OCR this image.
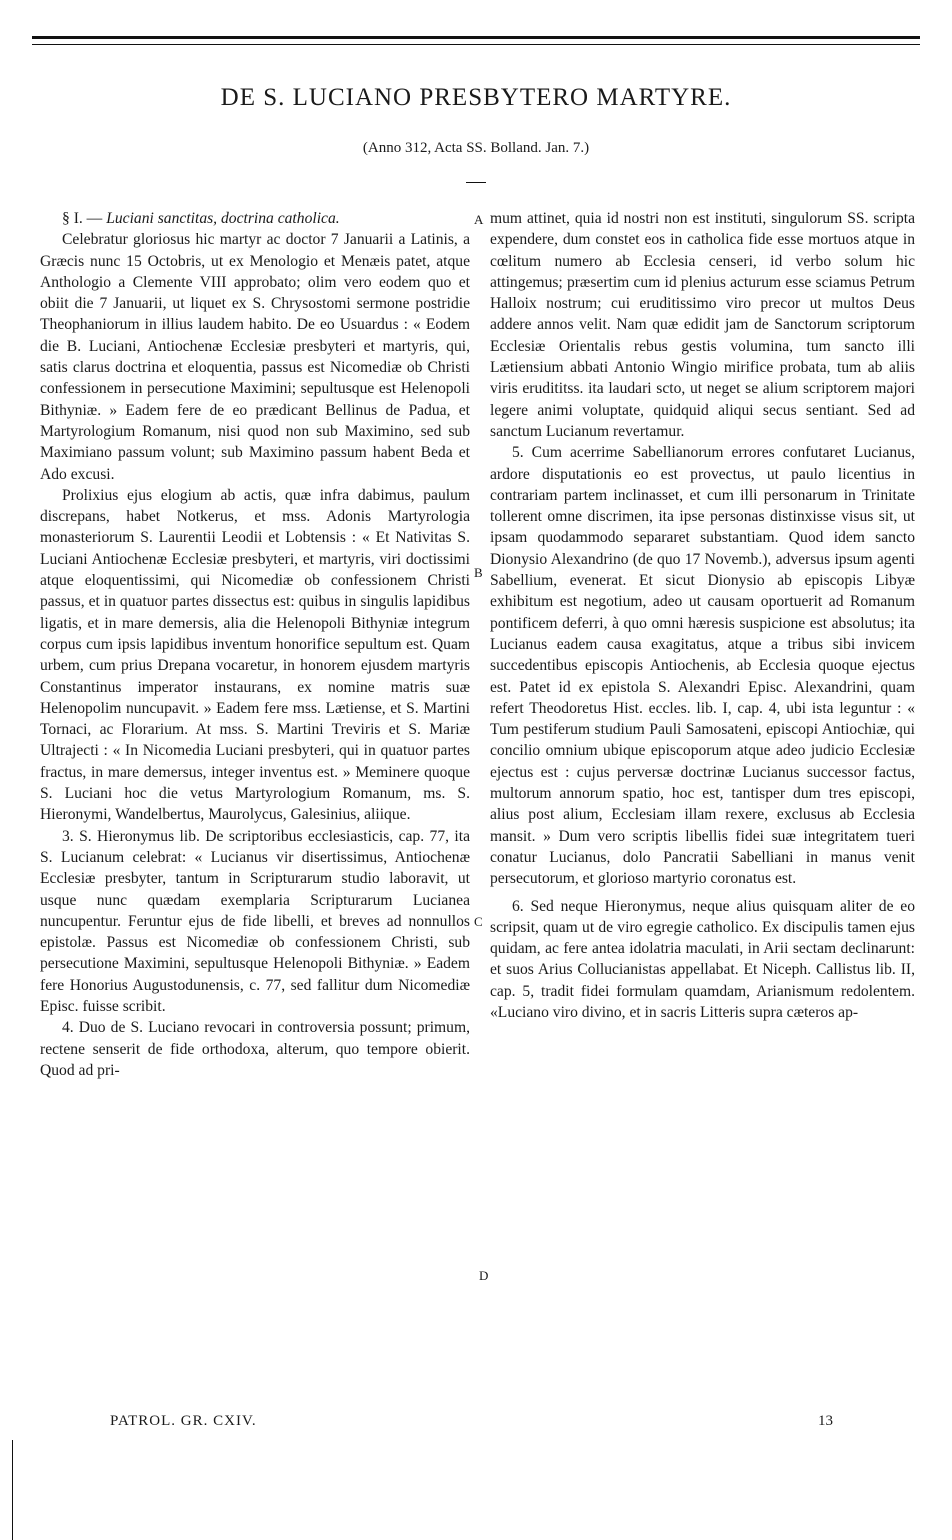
DE S. LUCIANO PRESBYTERO MARTYRE.
(Anno 312, Acta SS. Bolland. Jan. 7.)

§ I. — Luciani sanctitas, doctrina catholica.

Celebratur gloriosus hic martyr ac doctor 7 Januarii a Latinis, a Græcis nunc 15 Octobris, ut ex Menologio et Menæis patet, atque Anthologio a Clemente VIII approbato; olim vero eodem quo et obiit die 7 Januarii, ut liquet ex S. Chrysostomi sermone postridie Theophaniorum in illius laudem habito. De eo Usuardus : « Eodem die B. Luciani, Antiochenæ Ecclesiæ presbyteri et martyris, qui, satis clarus doctrina et eloquentia, passus est Nicomediæ ob Christi confessionem in persecutione Maximini; sepultusque est Helenopoli Bithyniæ. » Eadem fere de eo prædicant Bellinus de Padua, et Martyrologium Romanum, nisi quod non sub Maximino, sed sub Maximiano passum volunt; sub Maximino passum habent Beda et Ado excusi.

Prolixius ejus elogium ab actis, quæ infra dabimus, paulum discrepans, habet Notkerus, et mss. Adonis Martyrologia monasteriorum S. Laurentii Leodii et Lobtensis : « Et Nativitas S. Luciani Antiochenæ Ecclesiæ presbyteri, et martyris, viri doctissimi atque eloquentissimi, qui Nicomediæ ob confessionem Christi passus, et in quatuor partes dissectus est: quibus in singulis lapidibus ligatis, et in mare demersis, alia die Helenopoli Bithyniæ integrum corpus cum ipsis lapidibus inventum honorifice sepultum est. Quam urbem, cum prius Drepana vocaretur, in honorem ejusdem martyris Constantinus imperator instaurans, ex nomine matris suæ Helenopolim nuncupavit. » Eadem fere mss. Lætiense, et S. Martini Tornaci, ac Florarium. At mss. S. Martini Treviris et S. Mariæ Ultrajecti : « In Nicomedia Luciani presbyteri, qui in quatuor partes fractus, in mare demersus, integer inventus est. » Meminere quoque S. Luciani hoc die vetus Martyrologium Romanum, ms. S. Hieronymi, Wandelbertus, Maurolycus, Galesinius, aliique.

3. S. Hieronymus lib. De scriptoribus ecclesiasticis, cap. 77, ita S. Lucianum celebrat: « Lucianus vir disertissimus, Antiochenæ Ecclesiæ presbyter, tantum in Scripturarum studio laboravit, ut usque nunc quædam exemplaria Scripturarum Lucianea nuncupentur. Feruntur ejus de fide libelli, et breves ad nonnullos epistolæ. Passus est Nicomediæ ob confessionem Christi, sub persecutione Maximini, sepultusque Helenopoli Bithyniæ. » Eadem fere Honorius Augustodunensis, c. 77, sed fallitur dum Nicomediæ Episc. fuisse scribit.

4. Duo de S. Luciano revocari in controversia possunt; primum, rectene senserit de fide orthodoxa, alterum, quo tempore obierit. Quod ad pri-

mum attinet, quia id nostri non est instituti, singulorum SS. scripta expendere, dum constet eos in catholica fide esse mortuos atque in cœlitum numero ab Ecclesia censeri, id verbo solum hic attingemus; præsertim cum id plenius acturum esse sciamus Petrum Halloix nostrum; cui eruditissimo viro precor ut multos Deus addere annos velit. Nam quæ edidit jam de Sanctorum scriptorum Ecclesiæ Orientalis rebus gestis volumina, tum sancto illi Lætiensium abbati Antonio Wingio mirifice probata, tum ab aliis viris erudititss. ita laudari scto, ut neget se alium scriptorem majori legere animi voluptate, quidquid aliqui secus sentiant. Sed ad sanctum Lucianum revertamur.

5. Cum acerrime Sabellianorum errores confutaret Lucianus, ardore disputationis eo est provectus, ut paulo licentius in contrariam partem inclinasset, et cum illi personarum in Trinitate tollerent omne discrimen, ita ipse personas distinxisse visus sit, ut ipsam quodammodo separaret substantiam. Quod idem sancto Dionysio Alexandrino (de quo 17 Novemb.), adversus ipsum agenti Sabellium, evenerat. Et sicut Dionysio ab episcopis Libyæ exhibitum est negotium, adeo ut causam oportuerit ad Romanum pontificem deferri, à quo omni hæresis suspicione est absolutus; ita Lucianus eadem causa exagitatus, atque a tribus sibi invicem succedentibus episcopis Antiochenis, ab Ecclesia quoque ejectus est. Patet id ex epistola S. Alexandri Episc. Alexandrini, quam refert Theodoretus Hist. eccles. lib. I, cap. 4, ubi ista leguntur : « Tum pestiferum studium Pauli Samosateni, episcopi Antiochiæ, qui concilio omnium ubique episcoporum atque adeo judicio Ecclesiæ ejectus est : cujus perversæ doctrinæ Lucianus successor factus, multorum annorum spatio, hoc est, tantisper dum tres episcopi, alius post alium, Ecclesiam illam rexere, exclusus ab Ecclesia mansit. » Dum vero scriptis libellis fidei suæ integritatem tueri conatur Lucianus, dolo Pancratii Sabelliani in manus venit persecutorum, et glorioso martyrio coronatus est.

6. Sed neque Hieronymus, neque alius quisquam aliter de eo scripsit, quam ut de viro egregie catholico. Ex discipulis tamen ejus quidam, ac fere antea idolatria maculati, in Arii sectam declinarunt: et suos Arius Collucianistas appellabat. Et Niceph. Callistus lib. II, cap. 5, tradit fidei formulam quamdam, Arianismum redolentem. «Luciano viro divino, et in sacris Litteris supra cæteros ap-

A
B
C
D
PATROL. GR. CXIV.	13
